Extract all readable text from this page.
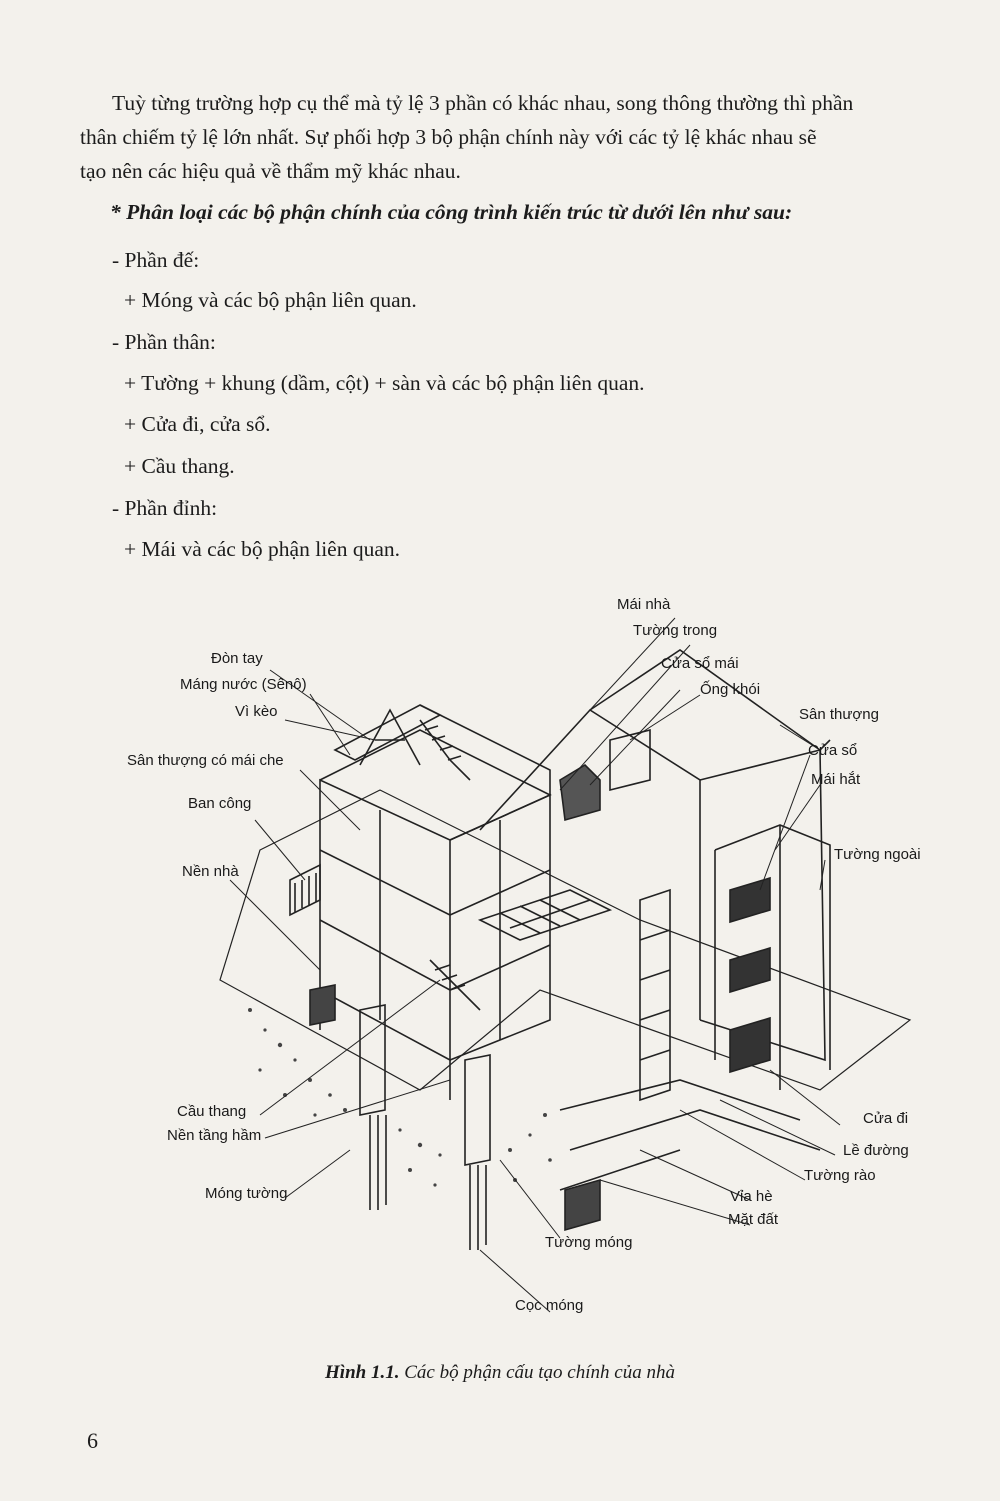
Tuỳ từng trường hợp cụ thể mà tỷ lệ 3 phần có khác nhau, song thông thường thì phần
thân chiếm tỷ lệ lớn nhất. Sự phối hợp 3 bộ phận chính này với các tỷ lệ khác nhau sẽ
tạo nên các hiệu quả về thẩm mỹ khác nhau.
* Phân loại các bộ phận chính của công trình kiến trúc từ dưới lên như sau:
- Phần đế:
+ Móng và các bộ phận liên quan.
- Phần thân:
+ Tường + khung (dầm, cột) + sàn và các bộ phận liên quan.
+ Cửa đi, cửa sổ.
+ Cầu thang.
- Phần đỉnh:
+ Mái và các bộ phận liên quan.
Mái nhà
Tường trong
Đòn tay	Cửa sổ mái
Máng nước (Sênô)	Ống khói
Vì kèo	Sân thượng
Cửa sổ
Sân thượng có mái che
Mái hắt
Ban công
Tường ngoài
Nền nhà
Cầu thang	Cửa đi
Nền tầng hầm
Lề đường
Tường rào
Móng tường	Vỉa hè
Mặt đất
Tường móng
Cọc móng
Hình 1.1. Các bộ phận cấu tạo chính của nhà
6
